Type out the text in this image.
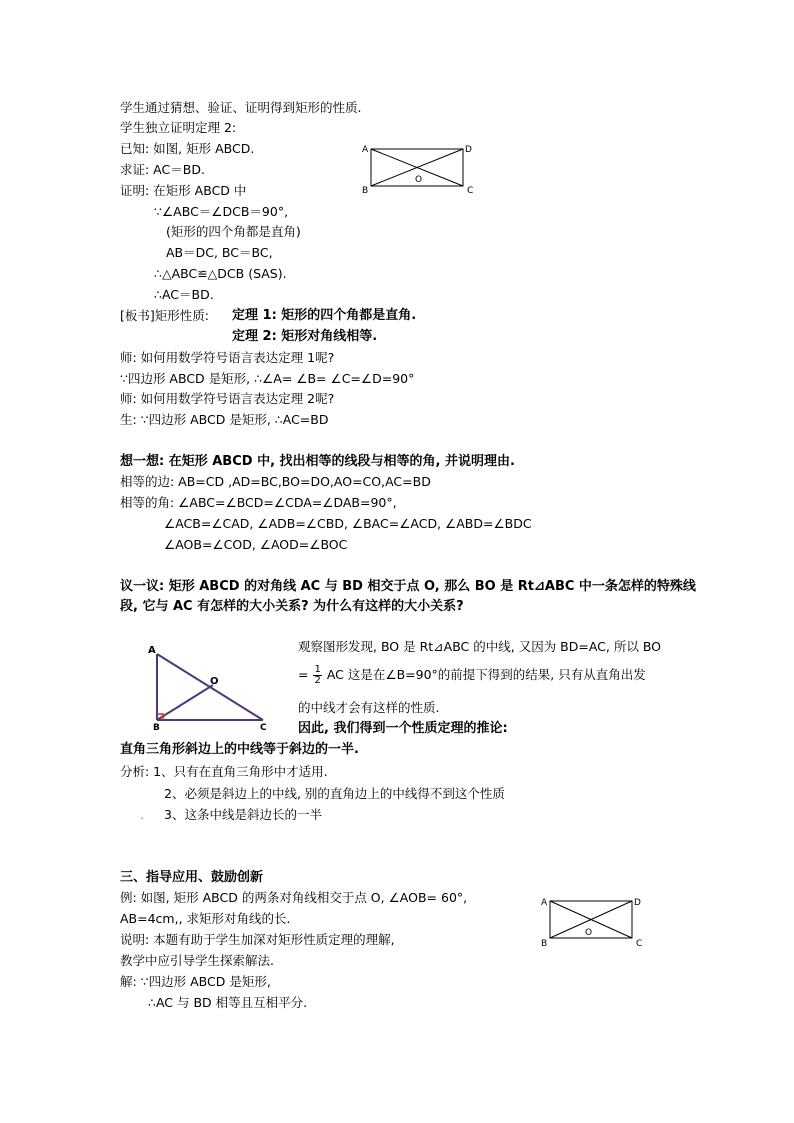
学生通过猜想、验证、证明得到矩形的性质.
学生独立证明定理 2:
已知: 如图, 矩形 ABCD.
求证: AC＝BD.
证明: 在矩形 ABCD 中
∵∠ABC＝∠DCB＝90°,
(矩形的四个角都是直角)
AB＝DC, BC＝BC,
∴△ABC≌△DCB (SAS).
∴AC＝BD.
A	D
B	C
O
[板书]矩形性质: 定理 1: 矩形的四个角都是直角.
定理 2: 矩形对角线相等.
师: 如何用数学符号语言表达定理 1呢?
∵四边形 ABCD 是矩形, ∴∠A= ∠B= ∠C=∠D=90°
师: 如何用数学符号语言表达定理 2呢?
生: ∵四边形 ABCD 是矩形, ∴AC=BD
想一想: 在矩形 ABCD 中, 找出相等的线段与相等的角, 并说明理由.
相等的边: AB=CD ,AD=BC,BO=DO,AO=CO,AC=BD
相等的角: ∠ABC=∠BCD=∠CDA=∠DAB=90°,
∠ACB=∠CAD, ∠ADB=∠CBD, ∠BAC=∠ACD, ∠ABD=∠BDC
∠AOB=∠COD, ∠AOD=∠BOC
议一议: 矩形 ABCD 的对角线 AC 与 BD 相交于点 O, 那么 BO 是 Rt⊿ABC 中一条怎样的特殊线
段, 它与 AC 有怎样的大小关系? 为什么有这样的大小关系?
A
O
B	C
观察图形发现, BO 是 Rt⊿ABC 的中线, 又因为 BD=AC, 所以 BO
= $\frac{1}{2}$ AC 这是在∠B=90°的前提下得到的结果, 只有从直角出发
的中线才会有这样的性质.
因此, 我们得到一个性质定理的推论:
直角三角形斜边上的中线等于斜边的一半.
分析: 1、只有在直角三角形中才适用.
2、必须是斜边上的中线, 别的直角边上的中线得不到这个性质
. 3、这条中线是斜边长的一半
三、指导应用、鼓励创新
例: 如图, 矩形 ABCD 的两条对角线相交于点 O, ∠AOB= 60°,
AB=4cm,, 求矩形对角线的长.
说明: 本题有助于学生加深对矩形性质定理的理解,
教学中应引导学生探索解法.
解: ∵四边形 ABCD 是矩形,
∴AC 与 BD 相等且互相平分.
A	D
B	C
O
